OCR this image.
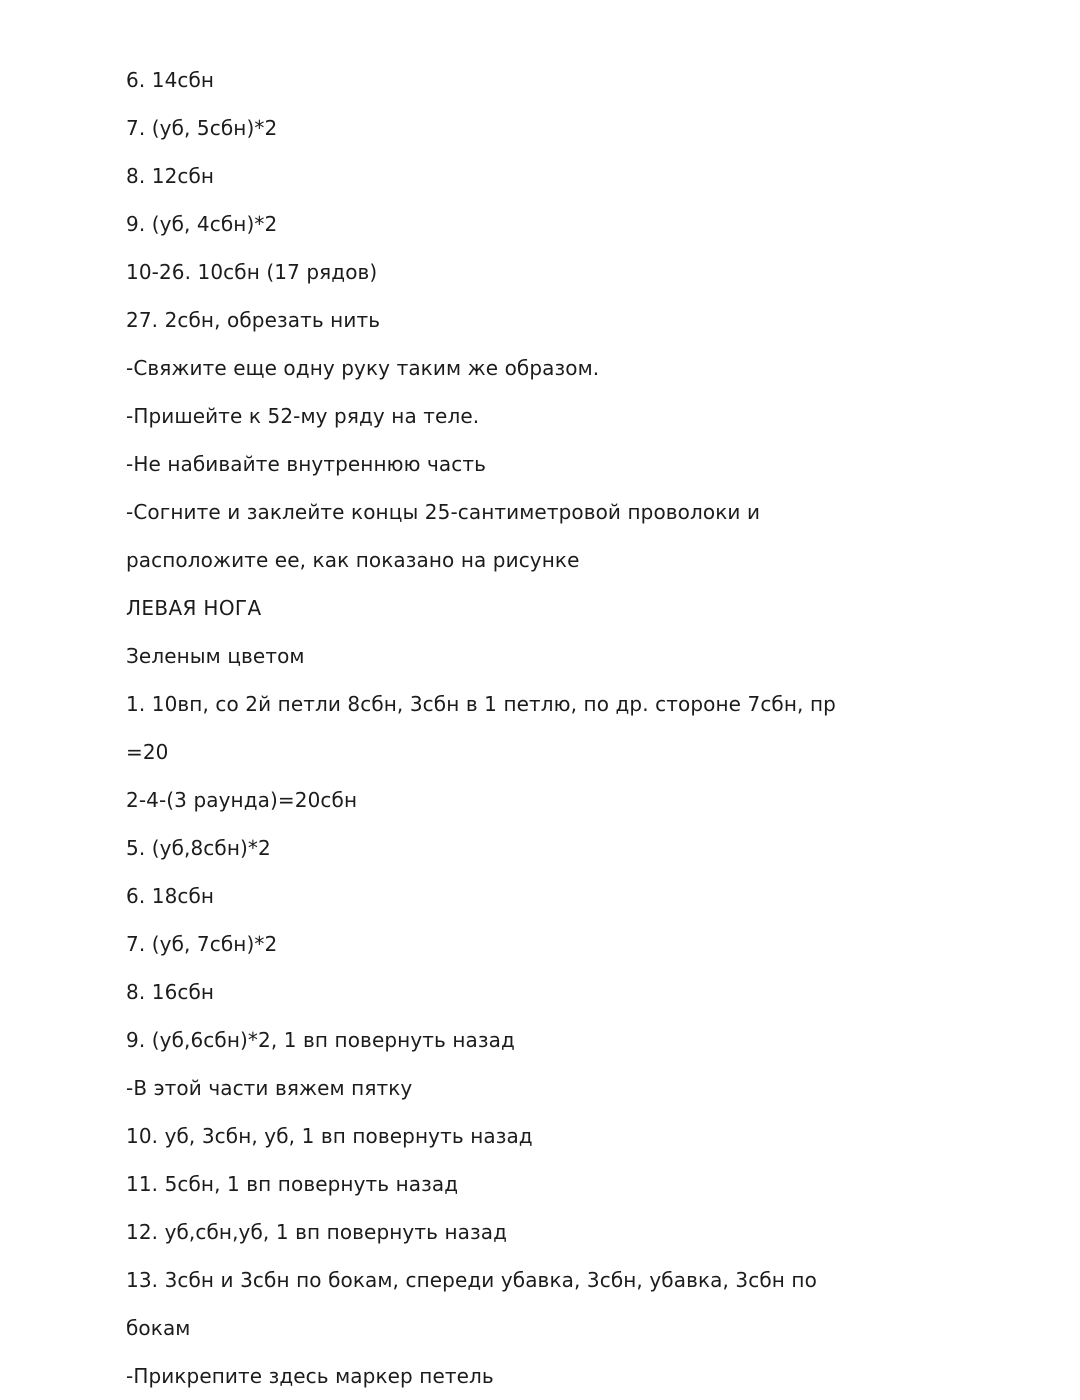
6. 14сбн

7. (уб, 5сбн)*2

8. 12сбн

9. (уб, 4сбн)*2

10-26. 10сбн (17 рядов)

27. 2сбн, обрезать нить

-Свяжите еще одну руку таким же образом.

-Пришейте к 52-му ряду на теле.

-Не набивайте внутреннюю часть

-Согните и заклейте концы 25-сантиметровой проволоки и расположите ее, как показано на рисунке

ЛЕВАЯ НОГА

Зеленым цветом

1. 10вп, со 2й петли 8сбн, 3сбн в 1 петлю, по др. стороне 7сбн, пр =20

2-4-(3 раунда)=20сбн

5. (уб,8сбн)*2

6. 18сбн

7. (уб, 7сбн)*2

8. 16сбн

9. (уб,6сбн)*2, 1 вп повернуть назад

-В этой части вяжем пятку

10. уб, 3сбн, уб, 1 вп повернуть назад

11. 5сбн, 1 вп повернуть назад

12. уб,сбн,уб, 1 вп повернуть назад

13. 3сбн и 3сбн по бокам, спереди убавка, 3сбн, убавка, 3сбн по бокам

-Прикрепите здесь маркер петель
